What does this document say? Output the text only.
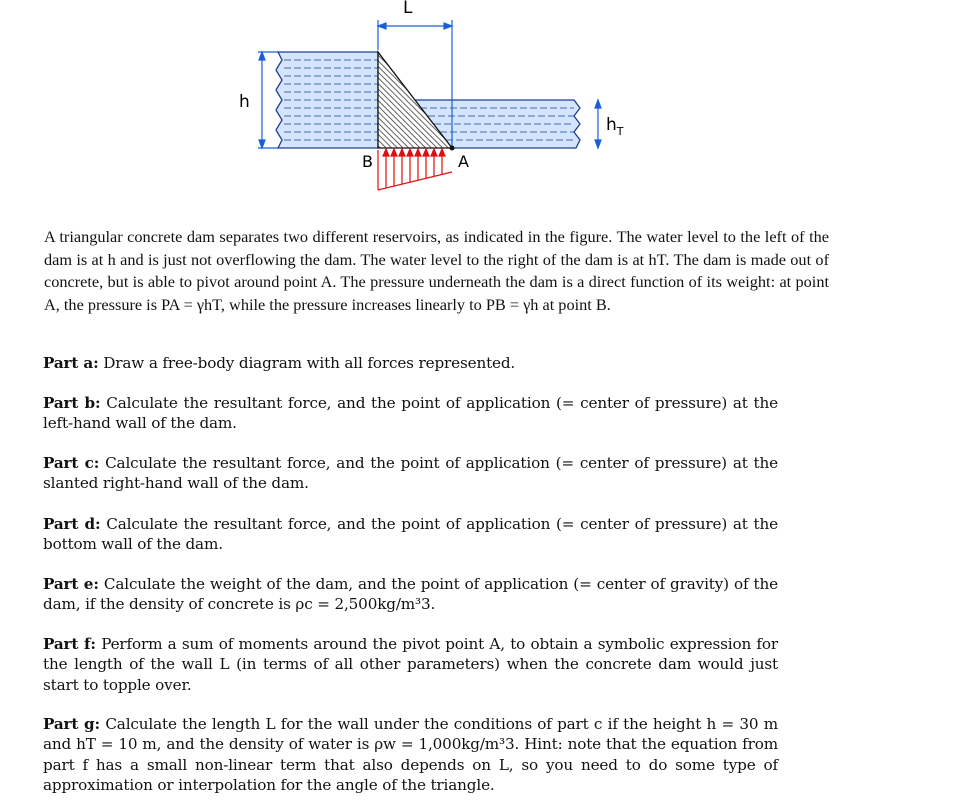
L
h
$h_T$
B	A
A triangular concrete dam separates two different reservoirs, as indicated in the figure. The water level to the left of the dam is at h and is just not overflowing the dam. The water level to the right of the dam is at hT. The dam is made out of concrete, but is able to pivot around point A. The pressure underneath the dam is a direct function of its weight: at point A, the pressure is PA = γhT, while the pressure increases linearly to PB = γh at point B.
Part a: Draw a free-body diagram with all forces represented.
Part b: Calculate the resultant force, and the point of application (= center of pressure) at the left-hand wall of the dam.
Part c: Calculate the resultant force, and the point of application (= center of pressure) at the slanted right-hand wall of the dam.
Part d: Calculate the resultant force, and the point of application (= center of pressure) at the bottom wall of the dam.
Part e: Calculate the weight of the dam, and the point of application (= center of gravity) of the dam, if the density of concrete is ρc = 2,500kg/m³3.
Part f: Perform a sum of moments around the pivot point A, to obtain a symbolic expression for the length of the wall L (in terms of all other parameters) when the concrete dam would just start to topple over.
Part g: Calculate the length L for the wall under the conditions of part c if the height h = 30 m and hT = 10 m, and the density of water is ρw = 1,000kg/m³3. Hint: note that the equation from part f has a small non-linear term that also depends on L, so you need to do some type of approximation or interpolation for the angle of the triangle.
